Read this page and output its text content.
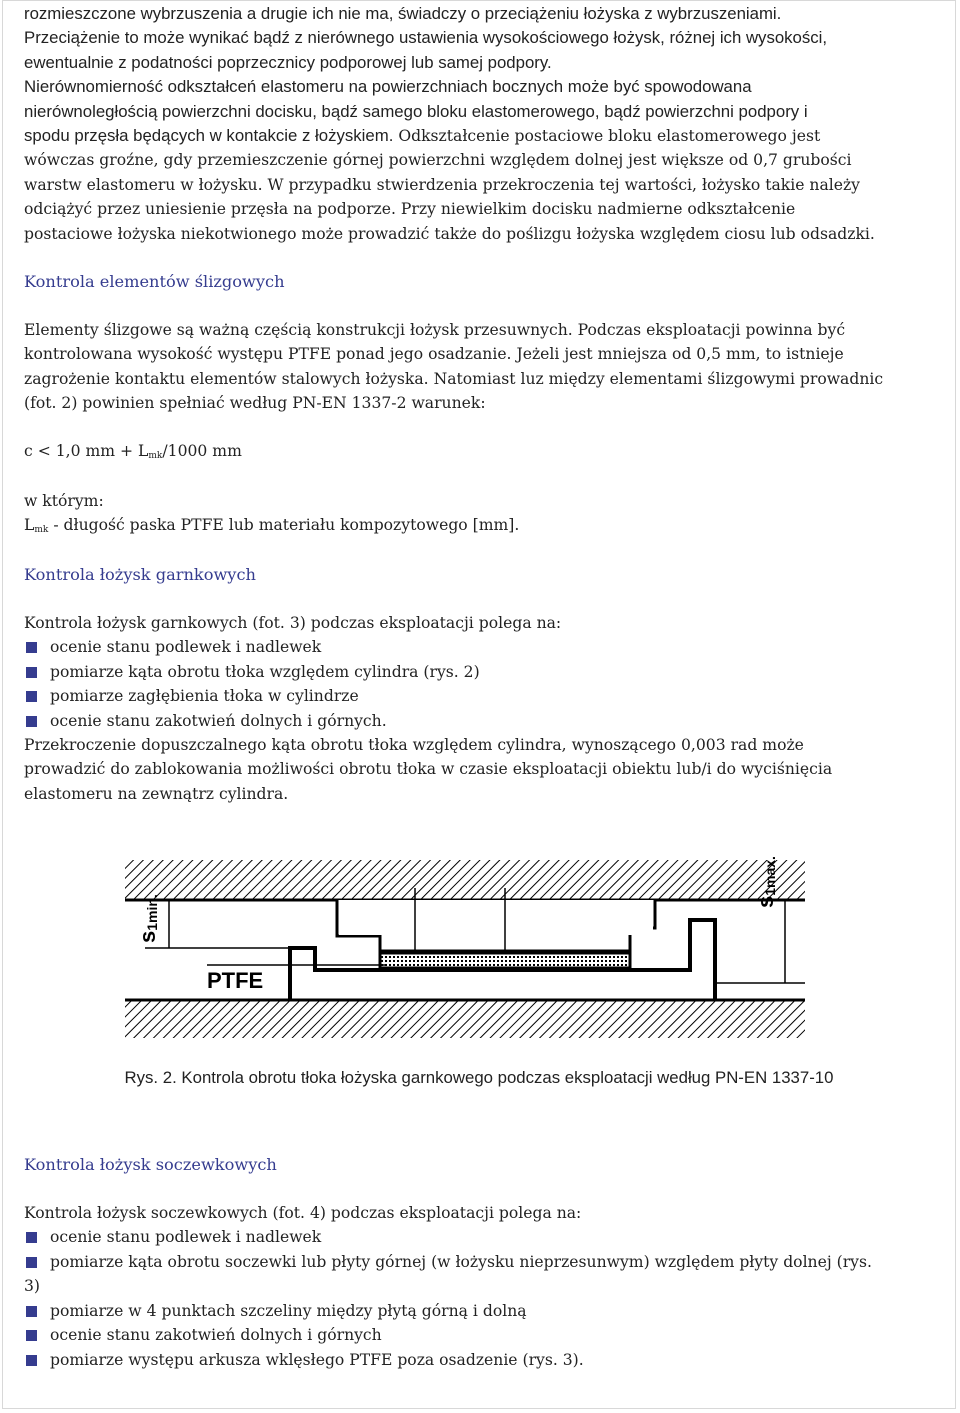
rozmieszczone wybrzuszenia a drugie ich nie ma, świadczy o przeciążeniu łożyska z wybrzuszeniami.

Przeciążenie to może wynikać bądź z nierównego ustawienia wysokościowego łożysk, różnej ich wysokości,

ewentualnie z podatności poprzecznicy podporowej lub samej podpory.

Nierównomierność odkształceń elastomeru na powierzchniach bocznych może być spowodowana

nierównoległością powierzchni docisku, bądź samego bloku elastomerowego, bądź powierzchni podpory i

spodu przęsła będących w kontakcie z łożyskiem. Odkształcenie postaciowe bloku elastomerowego jest

wówczas groźne, gdy przemieszczenie górnej powierzchni względem dolnej jest większe od 0,7 grubości

warstw elastomeru w łożysku. W przypadku stwierdzenia przekroczenia tej wartości, łożysko takie należy

odciążyć przez uniesienie przęsła na podporze. Przy niewielkim docisku nadmierne odkształcenie

postaciowe łożyska niekotwionego może prowadzić także do poślizgu łożyska względem ciosu lub odsadzki.

Kontrola elementów ślizgowych

Elementy ślizgowe są ważną częścią konstrukcji łożysk przesuwnych. Podczas eksploatacji powinna być

kontrolowana wysokość występu PTFE ponad jego osadzanie. Jeżeli jest mniejsza od 0,5 mm, to istnieje

zagrożenie kontaktu elementów stalowych łożyska. Natomiast luz między elementami ślizgowymi prowadnic

(fot. 2) powinien spełniać według PN-EN 1337-2 warunek:

c < 1,0 mm + $L_{mk}/1000$ mm

w którym:

$L_{mk}$ - długość paska PTFE lub materiału kompozytowego [mm].

Kontrola łożysk garnkowych

Kontrola łożysk garnkowych (fot. 3) podczas eksploatacji polega na:

ocenie stanu podlewek i nadlewek
pomiarze kąta obrotu tłoka względem cylindra (rys. 2)
pomiarze zagłębienia tłoka w cylindrze
ocenie stanu zakotwień dolnych i górnych.

Przekroczenie dopuszczalnego kąta obrotu tłoka względem cylindra, wynoszącego 0,003 rad może

prowadzić do zablokowania możliwości obrotu tłoka w czasie eksploatacji obiektu lub/i do wyciśnięcia

elastomeru na zewnątrz cylindra.

Rys. 2. Kontrola obrotu tłoka łożyska garnkowego podczas eksploatacji według PN-EN 1337-10
Kontrola łożysk soczewkowych

Kontrola łożysk soczewkowych (fot. 4) podczas eksploatacji polega na:

ocenie stanu podlewek i nadlewek
pomiarze kąta obrotu soczewki lub płyty górnej (w łożysku nieprzesunwym) względem płyty dolnej (rys.

3)

pomiarze w 4 punktach szczeliny między płytą górną i dolną
ocenie stanu zakotwień dolnych i górnych
pomiarze występu arkusza wklęsłego PTFE poza osadzenie (rys. 3).
s1min.	s1max.
PTFE
